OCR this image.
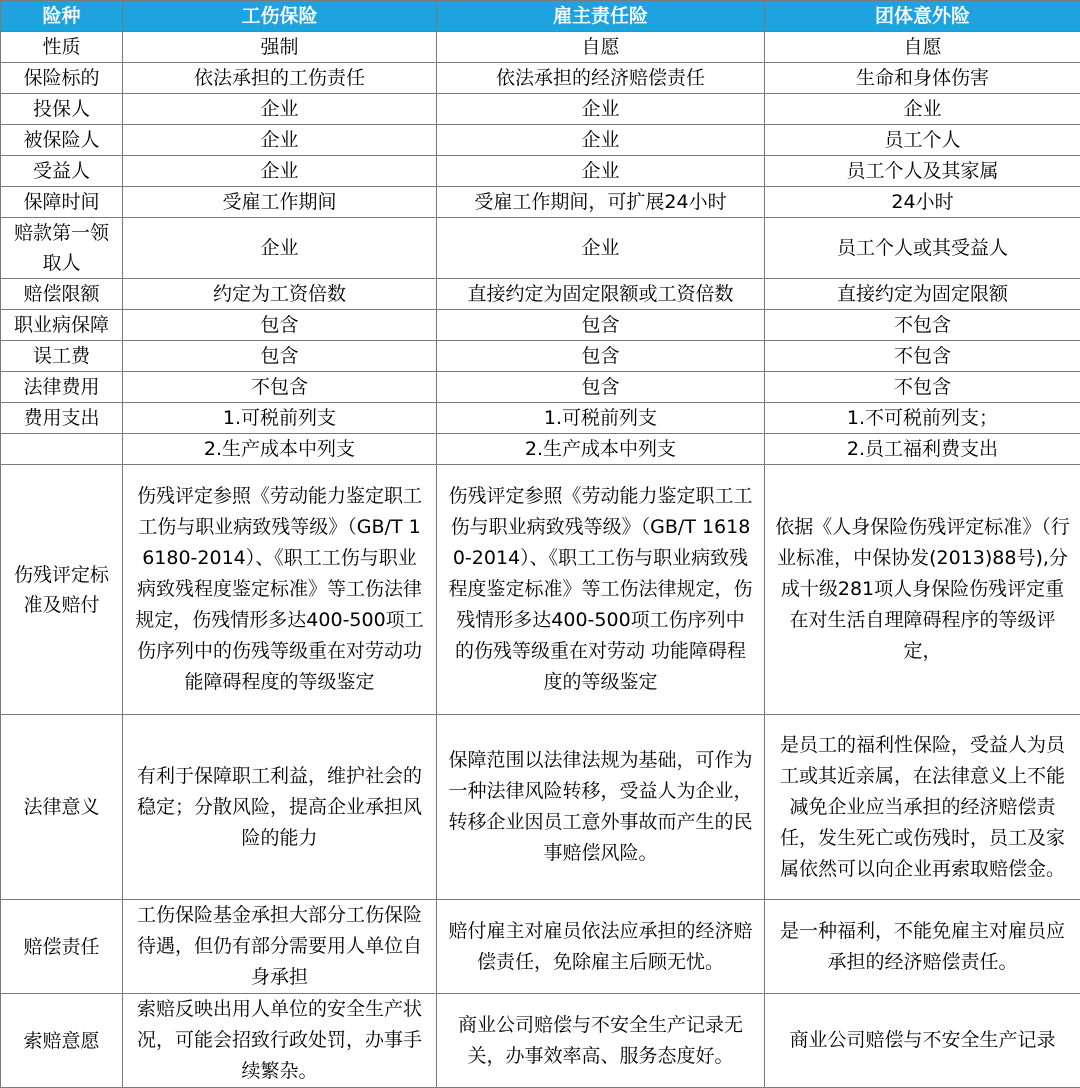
险种	工伤保险	雇主责任险	团体意外险
性质	强制	自愿	自愿
保险标的	依法承担的工伤责任	依法承担的经济赔偿责任	生命和身体伤害
投保人	企业	企业	企业
被保险人	企业	企业	员工个人
受益人	企业	企业	员工个人及其家属
保障时间	受雇工作期间	受雇工作期间，可扩展24小时	24小时
赔款第一领取人	企业	企业	员工个人或其受益人
赔偿限额	约定为工资倍数	直接约定为固定限额或工资倍数	直接约定为固定限额
职业病保障	包含	包含	不包含
误工费	包含	包含	不包含
法律费用	不包含	包含	不包含
费用支出	1.可税前列支	1.可税前列支	1.不可税前列支；
	2.生产成本中列支	2.生产成本中列支	2.员工福利费支出
伤残评定标准及赔付	伤残评定参照《劳动能力鉴定职工工伤与职业病致残等级》（GB/T 16180-2014）、《职工工伤与职业病致残程度鉴定标准》等工伤法律规定，伤残情形多达400-500项工伤序列中的伤残等级重在对劳动功能障碍程度的等级鉴定	伤残评定参照《劳动能力鉴定职工工伤与职业病致残等级》（GB/T 16180-2014）、《职工工伤与职业病致残程度鉴定标准》等工伤法律规定，伤残情形多达400-500项工伤序列中的伤残等级重在对劳动 功能障碍程度的等级鉴定	依据《人身保险伤残评定标准》（行业标准，中保协发(2013)88号),分成十级281项人身保险伤残评定重在对生活自理障碍程序的等级评定，
法律意义	有利于保障职工利益，维护社会的稳定；分散风险，提高企业承担风险的能力	保障范围以法律法规为基础，可作为一种法律风险转移，受益人为企业，转移企业因员工意外事故而产生的民事赔偿风险。	是员工的福利性保险，受益人为员工或其近亲属，在法律意义上不能减免企业应当承担的经济赔偿责任，发生死亡或伤残时，员工及家属依然可以向企业再索取赔偿金。
赔偿责任	工伤保险基金承担大部分工伤保险待遇，但仍有部分需要用人单位自身承担	赔付雇主对雇员依法应承担的经济赔偿责任，免除雇主后顾无忧。	是一种福利，不能免雇主对雇员应承担的经济赔偿责任。
索赔意愿	索赔反映出用人单位的安全生产状况，可能会招致行政处罚，办事手续繁杂。	商业公司赔偿与不安全生产记录无关，办事效率高、服务态度好。	商业公司赔偿与不安全生产记录
